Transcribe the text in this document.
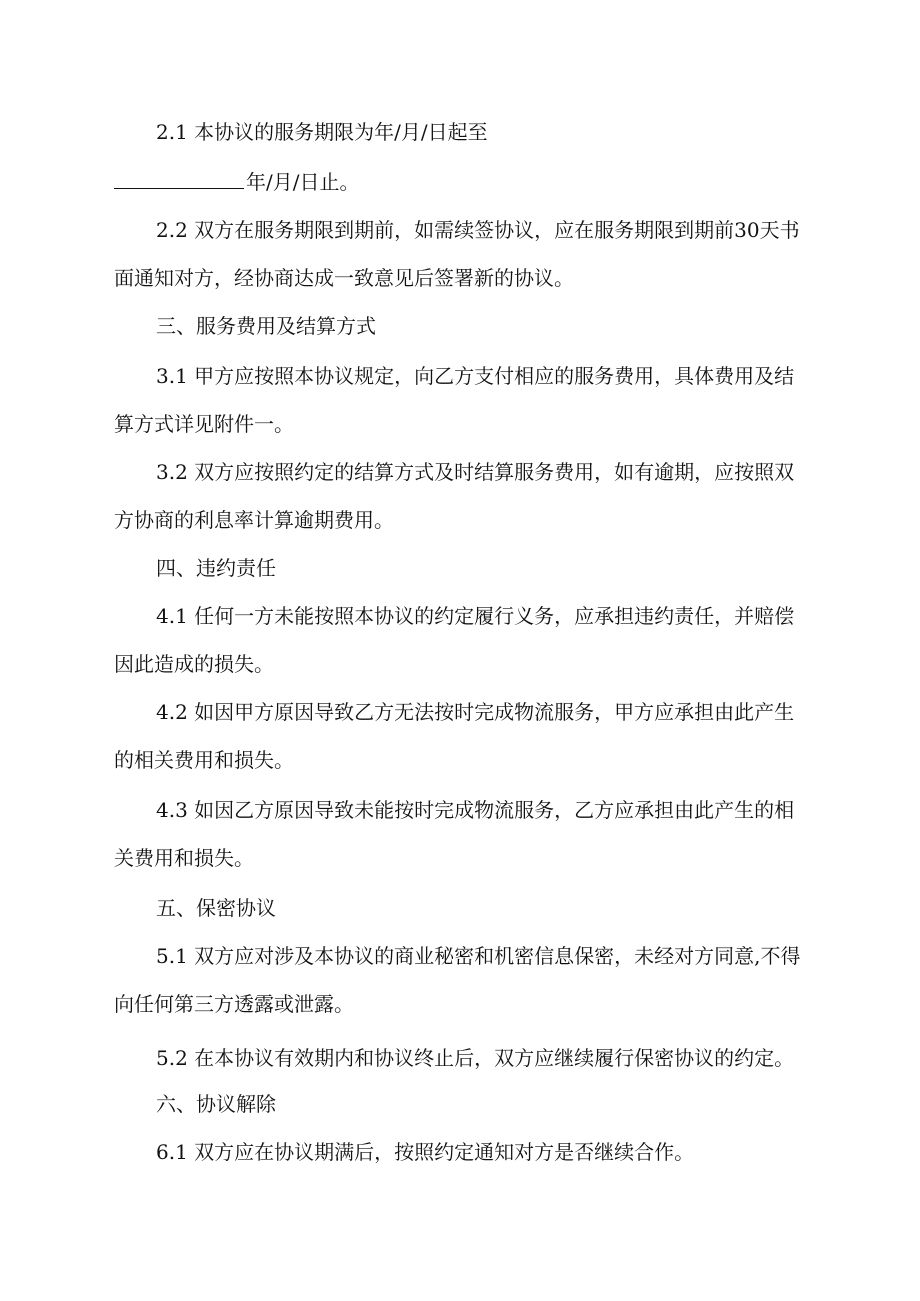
2.1 本协议的服务期限为年/月/日起至
年/月/日止。
2.2 双方在服务期限到期前，如需续签协议，应在服务期限到期前30天书
面通知对方，经协商达成一致意见后签署新的协议。
三、服务费用及结算方式
3.1 甲方应按照本协议规定，向乙方支付相应的服务费用，具体费用及结
算方式详见附件一。
3.2 双方应按照约定的结算方式及时结算服务费用，如有逾期，应按照双
方协商的利息率计算逾期费用。
四、违约责任
4.1 任何一方未能按照本协议的约定履行义务，应承担违约责任，并赔偿
因此造成的损失。
4.2 如因甲方原因导致乙方无法按时完成物流服务，甲方应承担由此产生
的相关费用和损失。
4.3 如因乙方原因导致未能按时完成物流服务，乙方应承担由此产生的相
关费用和损失。
五、保密协议
5.1 双方应对涉及本协议的商业秘密和机密信息保密，未经对方同意,不得
向任何第三方透露或泄露。
5.2 在本协议有效期内和协议终止后，双方应继续履行保密协议的约定。
六、协议解除
6.1 双方应在协议期满后，按照约定通知对方是否继续合作。
